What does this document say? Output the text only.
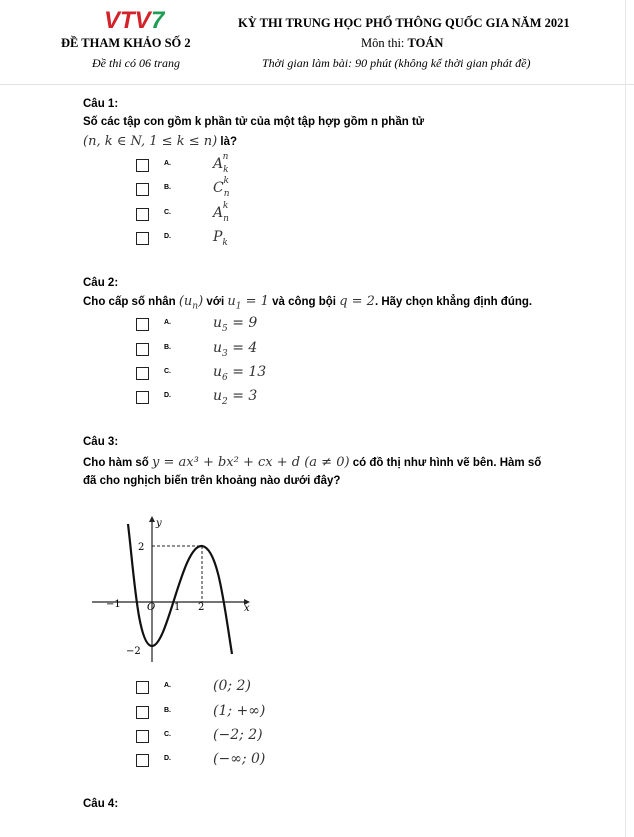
VTV 7
ĐỀ THAM KHẢO SỐ 2
Đề thi có 06 trang
KỲ THI TRUNG HỌC PHỔ THÔNG QUỐC GIA NĂM 2021
Môn thi: TOÁN
Thời gian làm bài: 90 phút (không kể thời gian phát đề)
Câu 1:
Số các tập con gồm k phần tử của một tập hợp gồm n phần tử
(n, k ∈ N, 1 ≤ k ≤ n) là?
A.	$A_k^n$
B.	$C_n^k$
C.	$A_n^k$
D.	$P_k$
Câu 2:
Cho cấp số nhân $(u_n)$ với $u_1 = 1$ và công bội q = 2. Hãy chọn khẳng định đúng.
A.	$u_5 = 9$
B.	$u_3 = 4$
C.	$u_6 = 13$
D.	$u_2 = 3$
Câu 3:
Cho hàm số y = ax³ + bx² + cx + d (a ≠ 0) có đồ thị như hình vẽ bên. Hàm số
đã cho nghịch biến trên khoảng nào dưới đây?
−1	O 1 2
2
−2
x
y
A.	(0; 2)
B.	(1; +∞)
C.	(−2; 2)
D.	(−∞; 0)
Câu 4:
